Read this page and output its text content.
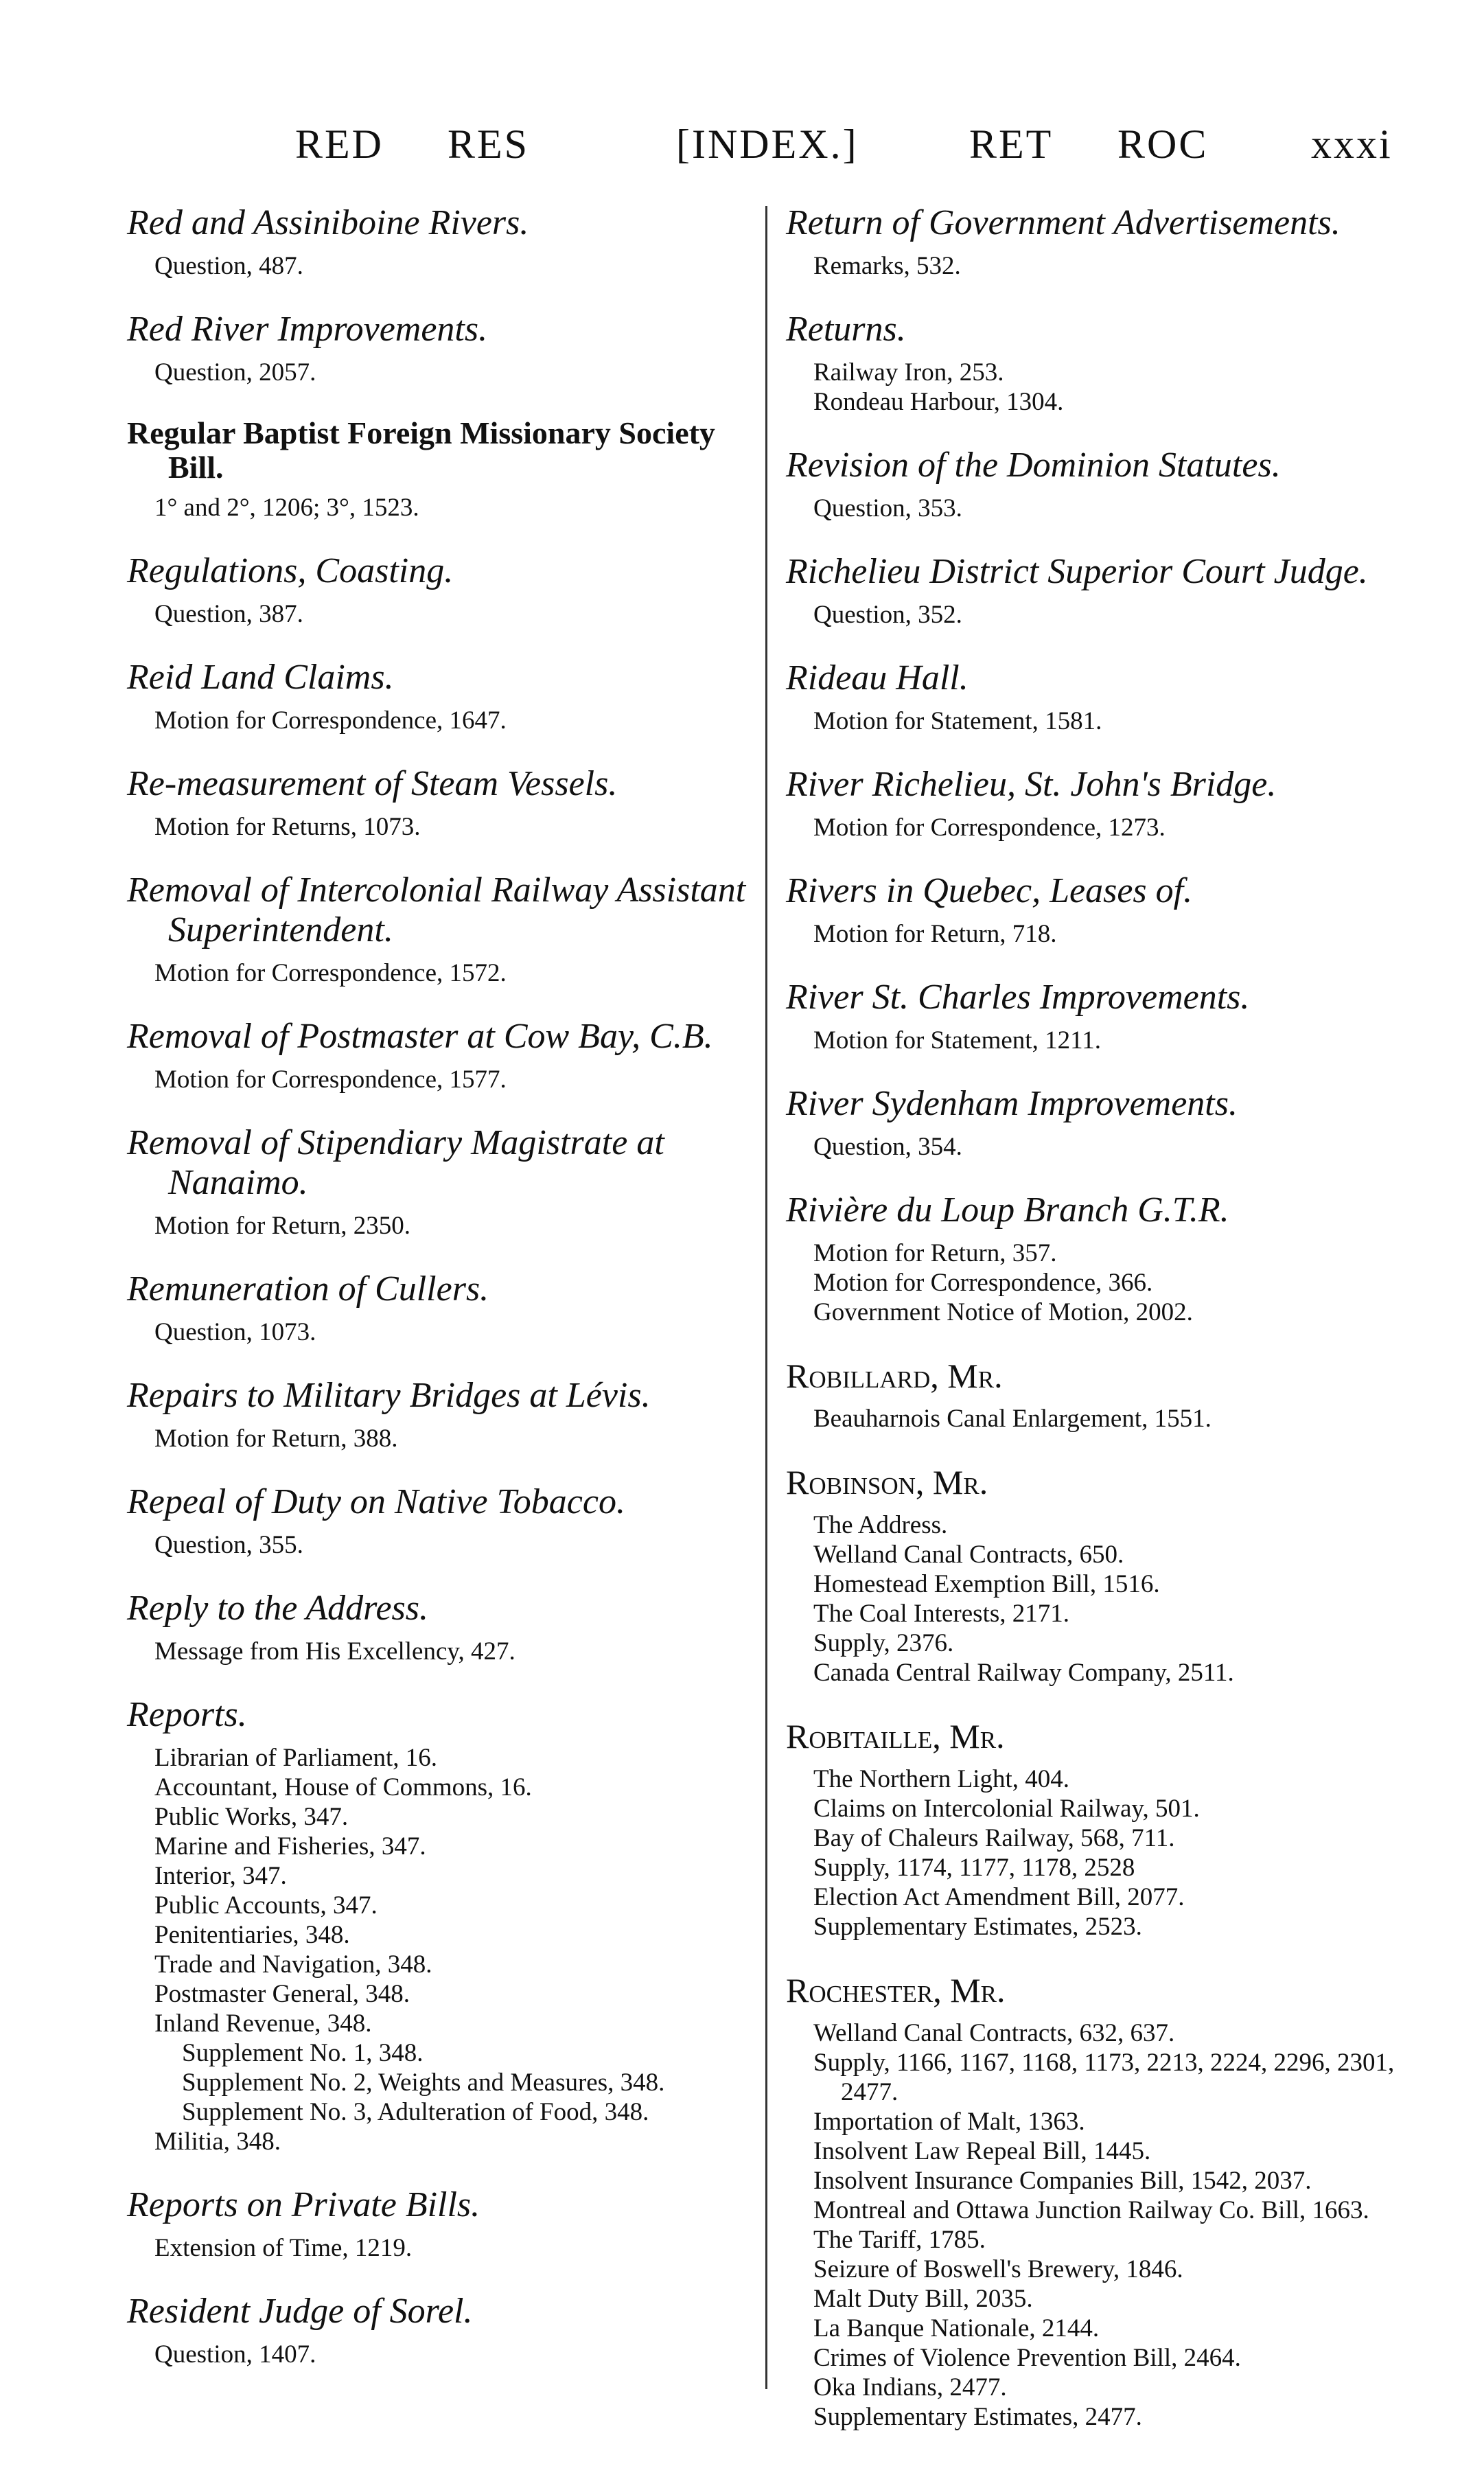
RED RES	[INDEX.]	RET ROC xxxi
Red and Assiniboine Rivers.
Question, 487.
Red River Improvements.
Question, 2057.
Regular Baptist Foreign Missionary Society Bill.
1° and 2°, 1206; 3°, 1523.
Regulations, Coasting.
Question, 387.
Reid Land Claims.
Motion for Correspondence, 1647.
Re-measurement of Steam Vessels.
Motion for Returns, 1073.
Removal of Intercolonial Railway Assistant Superintendent.
Motion for Correspondence, 1572.
Removal of Postmaster at Cow Bay, C.B.
Motion for Correspondence, 1577.
Removal of Stipendiary Magistrate at Nanaimo.
Motion for Return, 2350.
Remuneration of Cullers.
Question, 1073.
Repairs to Military Bridges at Lévis.
Motion for Return, 388.
Repeal of Duty on Native Tobacco.
Question, 355.
Reply to the Address.
Message from His Excellency, 427.
Reports.
Librarian of Parliament, 16.
Accountant, House of Commons, 16.
Public Works, 347.
Marine and Fisheries, 347.
Interior, 347.
Public Accounts, 347.
Penitentiaries, 348.
Trade and Navigation, 348.
Postmaster General, 348.
Inland Revenue, 348.
Supplement No. 1, 348.
Supplement No. 2, Weights and Measures, 348.
Supplement No. 3, Adulteration of Food, 348.
Militia, 348.
Reports on Private Bills.
Extension of Time, 1219.
Resident Judge of Sorel.
Question, 1407.
Return of Government Advertisements.
Remarks, 532.
Returns.
Railway Iron, 253.
Rondeau Harbour, 1304.
Revision of the Dominion Statutes.
Question, 353.
Richelieu District Superior Court Judge.
Question, 352.
Rideau Hall.
Motion for Statement, 1581.
River Richelieu, St. John's Bridge.
Motion for Correspondence, 1273.
Rivers in Quebec, Leases of.
Motion for Return, 718.
River St. Charles Improvements.
Motion for Statement, 1211.
River Sydenham Improvements.
Question, 354.
Rivière du Loup Branch G.T.R.
Motion for Return, 357.
Motion for Correspondence, 366.
Government Notice of Motion, 2002.
Robillard, Mr.
Beauharnois Canal Enlargement, 1551.
Robinson, Mr.
The Address.
Welland Canal Contracts, 650.
Homestead Exemption Bill, 1516.
The Coal Interests, 2171.
Supply, 2376.
Canada Central Railway Company, 2511.
Robitaille, Mr.
The Northern Light, 404.
Claims on Intercolonial Railway, 501.
Bay of Chaleurs Railway, 568, 711.
Supply, 1174, 1177, 1178, 2528
Election Act Amendment Bill, 2077.
Supplementary Estimates, 2523.
Rochester, Mr.
Welland Canal Contracts, 632, 637.
Supply, 1166, 1167, 1168, 1173, 2213, 2224, 2296, 2301, 2477.
Importation of Malt, 1363.
Insolvent Law Repeal Bill, 1445.
Insolvent Insurance Companies Bill, 1542, 2037.
Montreal and Ottawa Junction Railway Co. Bill, 1663.
The Tariff, 1785.
Seizure of Boswell's Brewery, 1846.
Malt Duty Bill, 2035.
La Banque Nationale, 2144.
Crimes of Violence Prevention Bill, 2464.
Oka Indians, 2477.
Supplementary Estimates, 2477.
